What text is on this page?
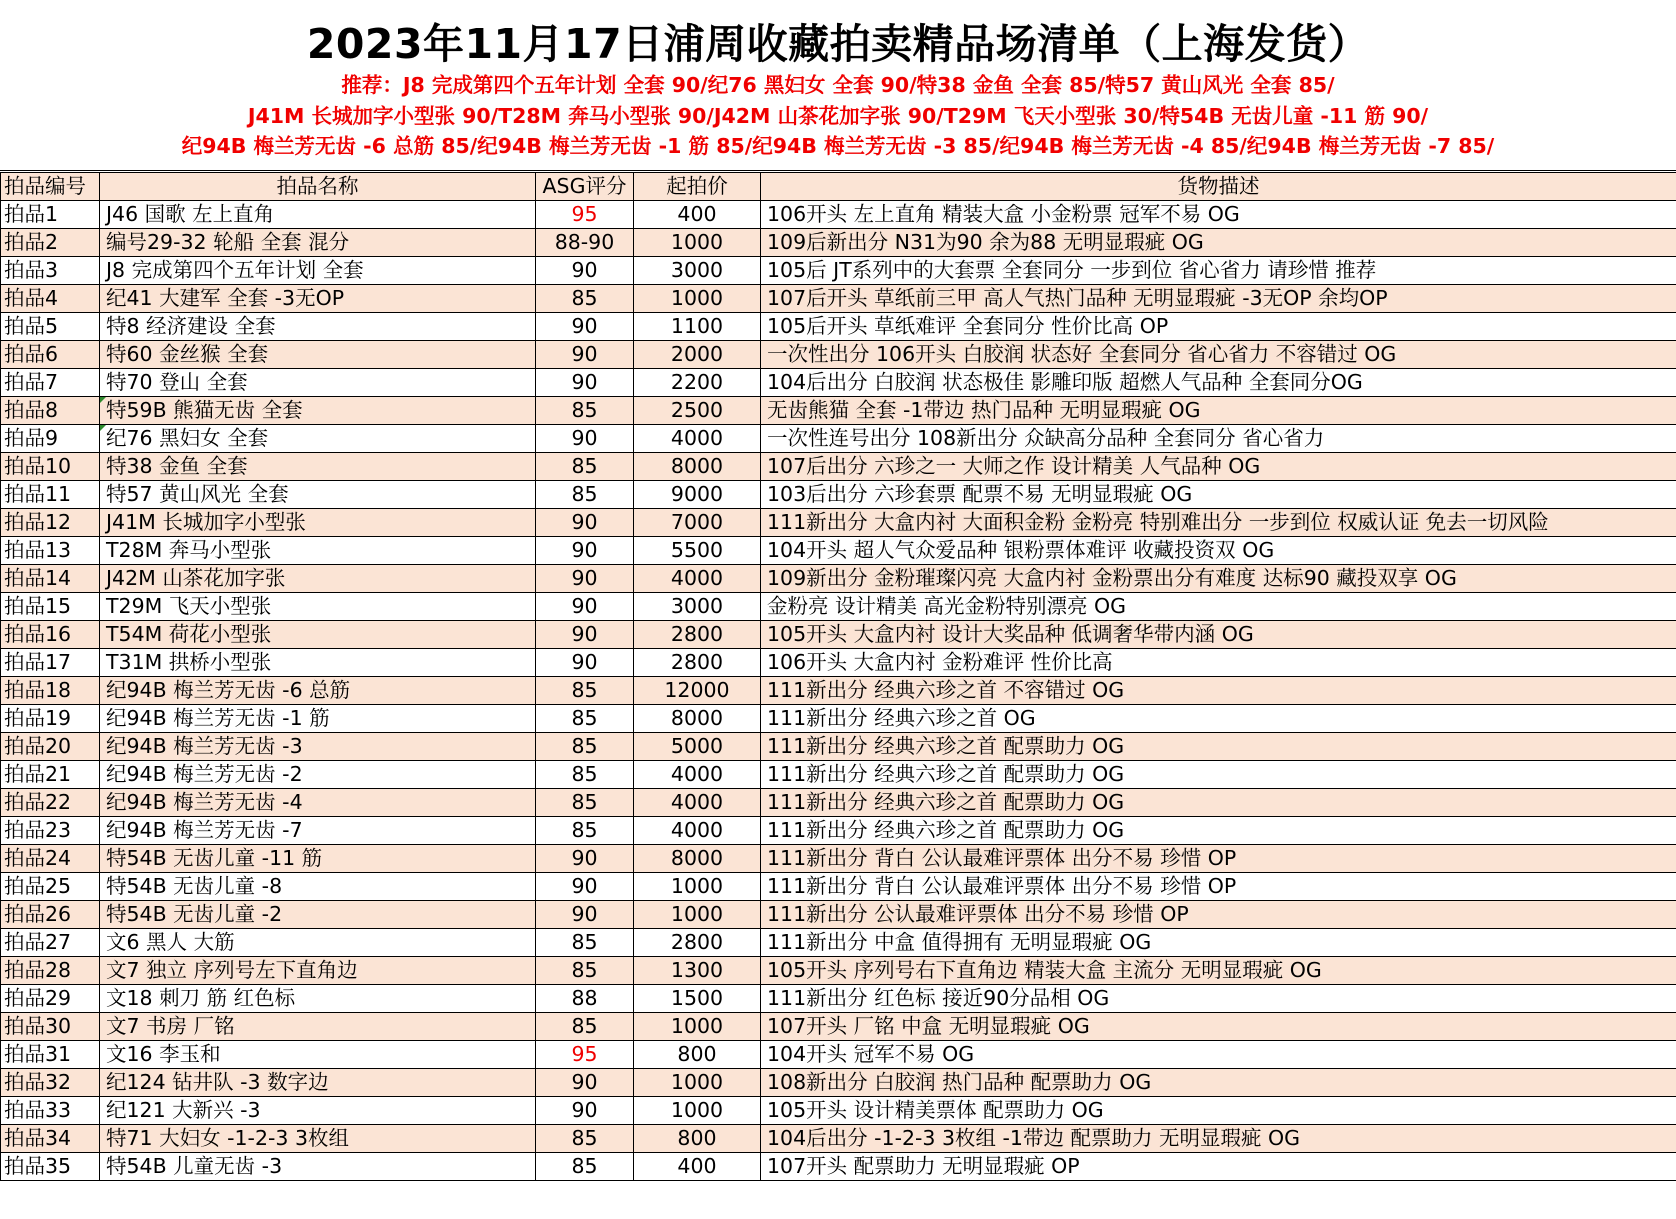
2023年11月17日浦周收藏拍卖精品场清单（上海发货）
推荐：J8 完成第四个五年计划 全套 90/纪76 黑妇女 全套 90/特38 金鱼 全套 85/特57 黄山风光 全套 85/
J41M 长城加字小型张 90/T28M 奔马小型张 90/J42M 山茶花加字张 90/T29M 飞天小型张 30/特54B 无齿儿童 -11 筋 90/
纪94B 梅兰芳无齿 -6 总筋 85/纪94B 梅兰芳无齿 -1 筋 85/纪94B 梅兰芳无齿 -3 85/纪94B 梅兰芳无齿 -4 85/纪94B 梅兰芳无齿 -7 85/
拍品编号	拍品名称	ASG评分	起拍价	货物描述
拍品1	J46 国歌 左上直角	95	400	106开头 左上直角 精装大盒 小金粉票 冠军不易 OG
拍品2	编号29-32 轮船 全套 混分	88-90	1000	109后新出分 N31为90 余为88 无明显瑕疵 OG
拍品3	J8 完成第四个五年计划 全套	90	3000	105后 JT系列中的大套票 全套同分 一步到位 省心省力 请珍惜 推荐
拍品4	纪41 大建军 全套 -3无OP	85	1000	107后开头 草纸前三甲 高人气热门品种 无明显瑕疵 -3无OP 余均OP
拍品5	特8 经济建设 全套	90	1100	105后开头 草纸难评 全套同分 性价比高 OP
拍品6	特60 金丝猴 全套	90	2000	一次性出分 106开头 白胶润 状态好 全套同分 省心省力 不容错过 OG
拍品7	特70 登山 全套	90	2200	104后出分 白胶润 状态极佳 影雕印版 超燃人气品种 全套同分OG
拍品8	特59B 熊猫无齿 全套	85	2500	无齿熊猫 全套 -1带边 热门品种 无明显瑕疵 OG
拍品9	纪76 黑妇女 全套	90	4000	一次性连号出分 108新出分 众缺高分品种 全套同分 省心省力
拍品10	特38 金鱼 全套	85	8000	107后出分 六珍之一 大师之作 设计精美 人气品种 OG
拍品11	特57 黄山风光 全套	85	9000	103后出分 六珍套票 配票不易 无明显瑕疵 OG
拍品12	J41M 长城加字小型张	90	7000	111新出分 大盒内衬 大面积金粉 金粉亮 特别难出分 一步到位 权威认证 免去一切风险
拍品13	T28M 奔马小型张	90	5500	104开头 超人气众爱品种 银粉票体难评 收藏投资双 OG
拍品14	J42M 山茶花加字张	90	4000	109新出分 金粉璀璨闪亮 大盒内衬 金粉票出分有难度 达标90 藏投双享 OG
拍品15	T29M 飞天小型张	90	3000	金粉亮 设计精美 高光金粉特别漂亮 OG
拍品16	T54M 荷花小型张	90	2800	105开头 大盒内衬 设计大奖品种 低调奢华带内涵 OG
拍品17	T31M 拱桥小型张	90	2800	106开头 大盒内衬 金粉难评 性价比高
拍品18	纪94B 梅兰芳无齿 -6 总筋	85	12000	111新出分 经典六珍之首 不容错过 OG
拍品19	纪94B 梅兰芳无齿 -1 筋	85	8000	111新出分 经典六珍之首 OG
拍品20	纪94B 梅兰芳无齿 -3	85	5000	111新出分 经典六珍之首 配票助力 OG
拍品21	纪94B 梅兰芳无齿 -2	85	4000	111新出分 经典六珍之首 配票助力 OG
拍品22	纪94B 梅兰芳无齿 -4	85	4000	111新出分 经典六珍之首 配票助力 OG
拍品23	纪94B 梅兰芳无齿 -7	85	4000	111新出分 经典六珍之首 配票助力 OG
拍品24	特54B 无齿儿童 -11 筋	90	8000	111新出分 背白 公认最难评票体 出分不易 珍惜 OP
拍品25	特54B 无齿儿童 -8	90	1000	111新出分 背白 公认最难评票体 出分不易 珍惜 OP
拍品26	特54B 无齿儿童 -2	90	1000	111新出分 公认最难评票体 出分不易 珍惜 OP
拍品27	文6 黑人 大筋	85	2800	111新出分 中盒 值得拥有 无明显瑕疵 OG
拍品28	文7 独立 序列号左下直角边	85	1300	105开头 序列号右下直角边 精装大盒 主流分 无明显瑕疵 OG
拍品29	文18 刺刀 筋 红色标	88	1500	111新出分 红色标 接近90分品相 OG
拍品30	文7 书房 厂铭	85	1000	107开头 厂铭 中盒 无明显瑕疵 OG
拍品31	文16 李玉和	95	800	104开头 冠军不易 OG
拍品32	纪124 钻井队 -3 数字边	90	1000	108新出分 白胶润 热门品种 配票助力 OG
拍品33	纪121 大新兴 -3	90	1000	105开头 设计精美票体 配票助力 OG
拍品34	特71 大妇女 -1-2-3 3枚组	85	800	104后出分 -1-2-3 3枚组 -1带边 配票助力 无明显瑕疵 OG
拍品35	特54B 儿童无齿 -3	85	400	107开头 配票助力 无明显瑕疵 OP
